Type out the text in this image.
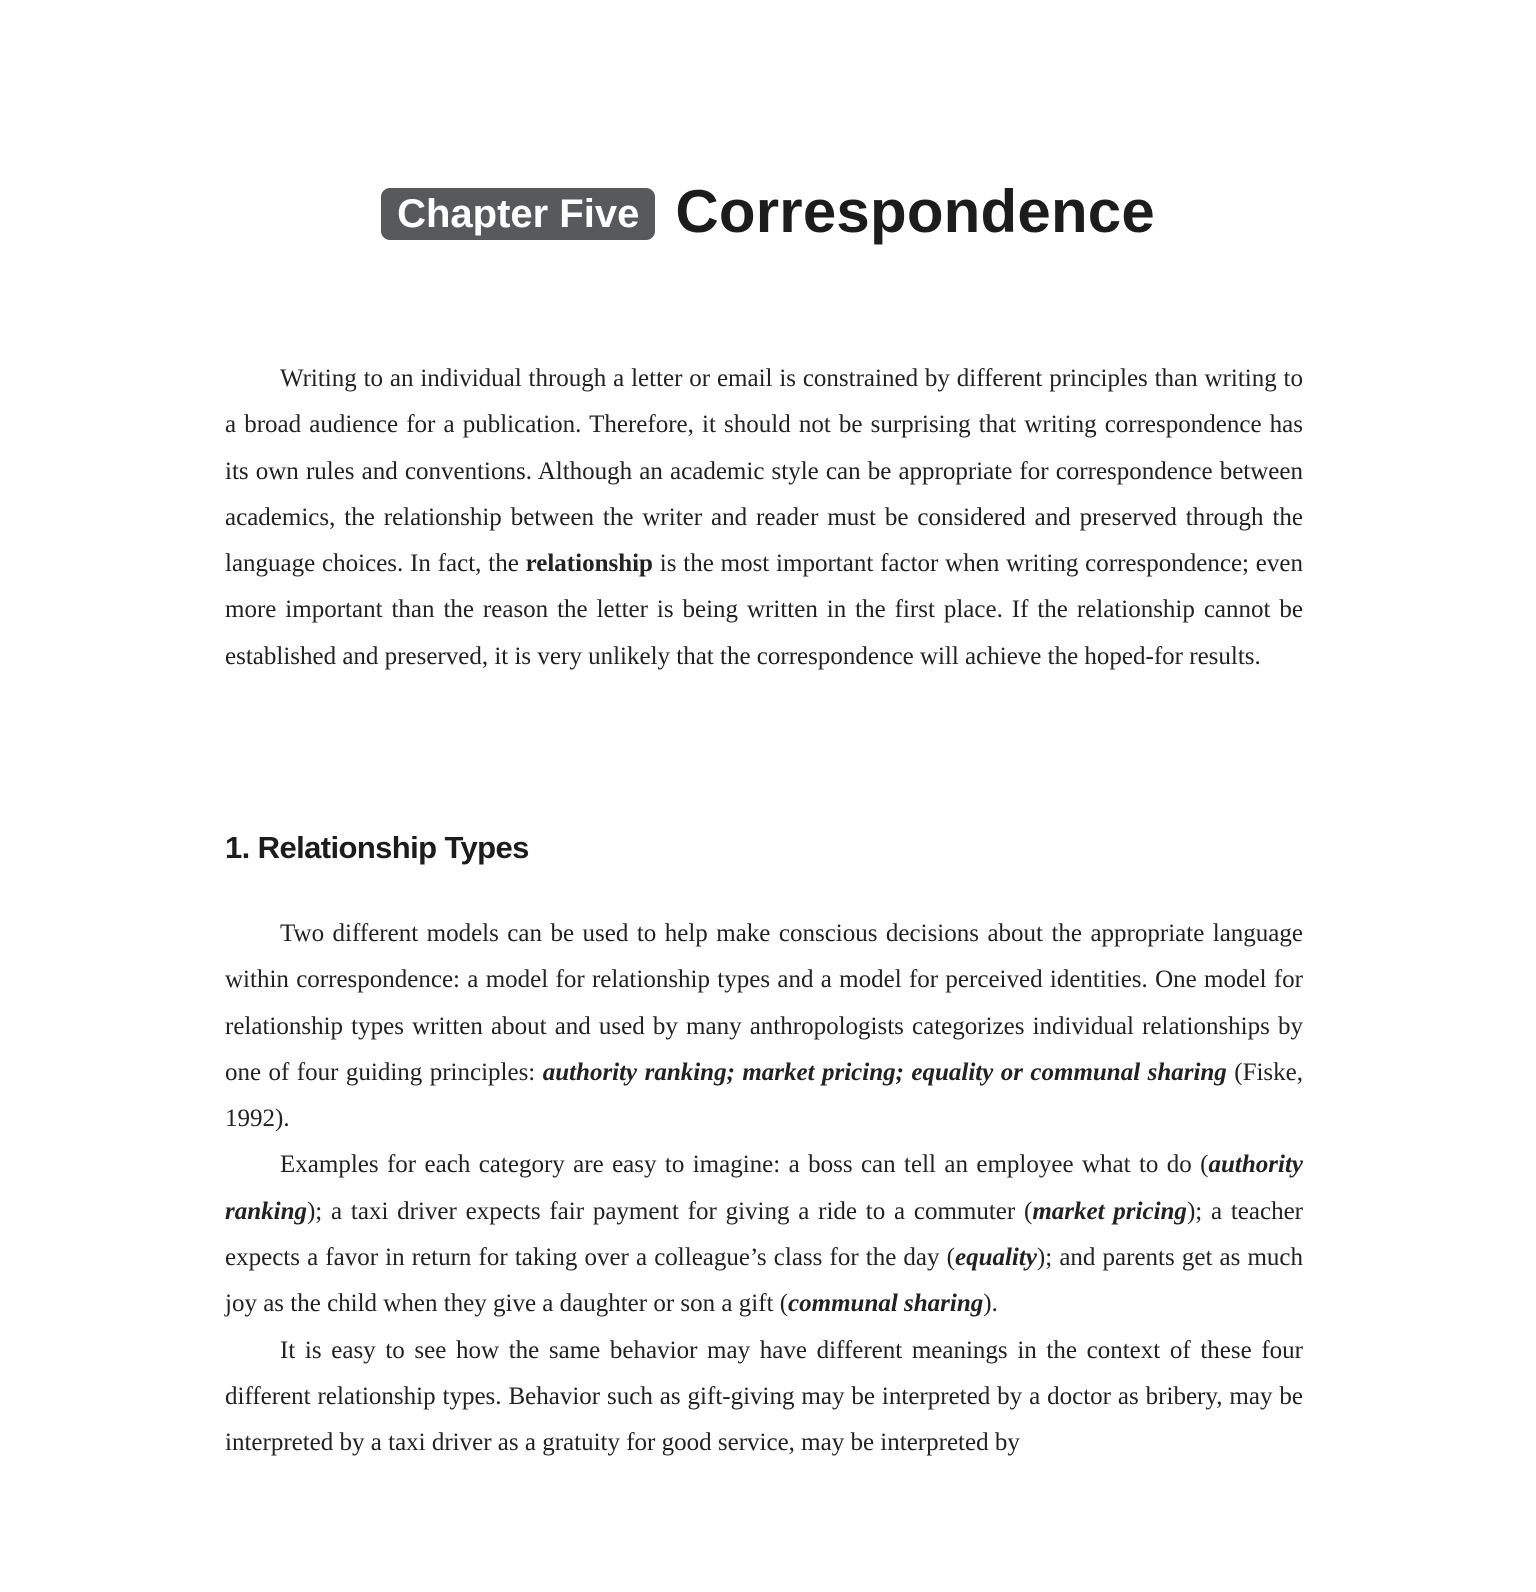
Chapter Five Correspondence

Writing to an individual through a letter or email is constrained by different principles than writing to a broad audience for a publication. Therefore, it should not be surprising that writing correspondence has its own rules and conventions. Although an academic style can be appropriate for correspondence between academics, the relationship between the writer and reader must be considered and preserved through the language choices. In fact, the relationship is the most important factor when writing correspondence; even more important than the reason the letter is being written in the first place. If the relationship cannot be established and preserved, it is very unlikely that the correspondence will achieve the hoped-for results.

1. Relationship Types

Two different models can be used to help make conscious decisions about the appropriate language within correspondence: a model for relationship types and a model for perceived identities. One model for relationship types written about and used by many anthropologists categorizes individual relationships by one of four guiding principles: authority ranking; market pricing; equality or communal sharing (Fiske, 1992).

Examples for each category are easy to imagine: a boss can tell an employee what to do (authority ranking); a taxi driver expects fair payment for giving a ride to a commuter (market pricing); a teacher expects a favor in return for taking over a colleague’s class for the day (equality); and parents get as much joy as the child when they give a daughter or son a gift (communal sharing).

It is easy to see how the same behavior may have different meanings in the context of these four different relationship types. Behavior such as gift-giving may be interpreted by a doctor as bribery, may be interpreted by a taxi driver as a gratuity for good service, may be interpreted by
